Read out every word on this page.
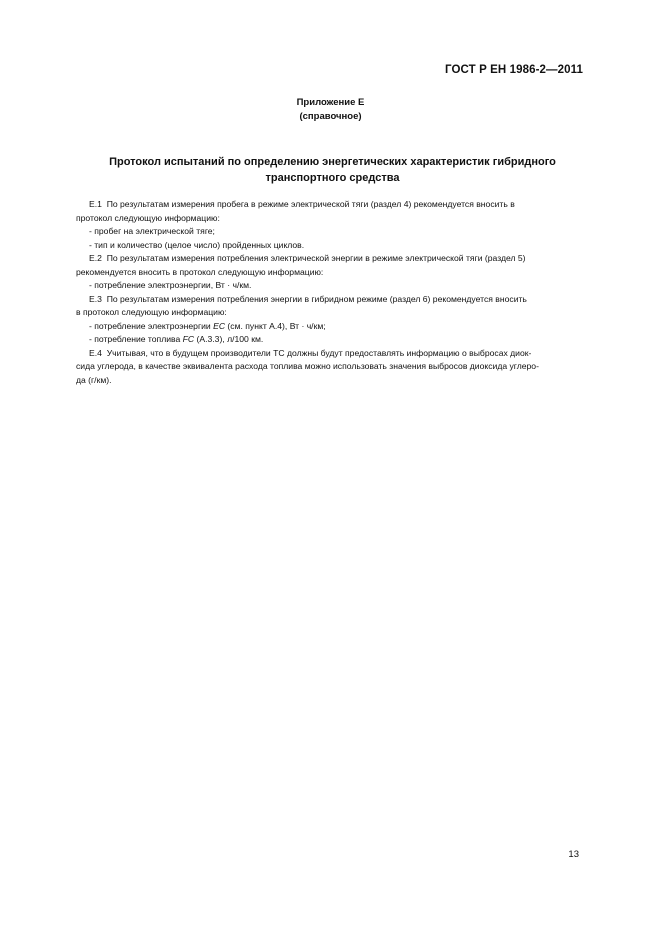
ГОСТ Р ЕН 1986-2—2011
Приложение Е
(справочное)
Протокол испытаний по определению энергетических характеристик гибридного
транспортного средства
Е.1 По результатам измерения пробега в режиме электрической тяги (раздел 4) рекомендуется вносить в
протокол следующую информацию:
- пробег на электрической тяге;
- тип и количество (целое число) пройденных циклов.
Е.2 По результатам измерения потребления электрической энергии в режиме электрической тяги (раздел 5)
рекомендуется вносить в протокол следующую информацию:
- потребление электроэнергии, Вт · ч/км.
Е.3 По результатам измерения потребления энергии в гибридном режиме (раздел 6) рекомендуется вносить
в протокол следующую информацию:
- потребление электроэнергии EC (см. пункт А.4), Вт · ч/км;
- потребление топлива FC (А.3.3), л/100 км.
Е.4 Учитывая, что в будущем производители ТС должны будут предоставлять информацию о выбросах диок-
сида углерода, в качестве эквивалента расхода топлива можно использовать значения выбросов диоксида углеро-
да (г/км).
13
